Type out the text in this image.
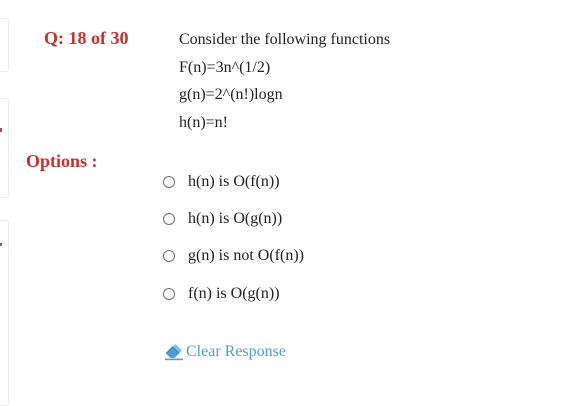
Q: 18 of 30	Consider the following functions
F(n)=3n^(1/2)
g(n)=2^(n!)logn
h(n)=n!
Options :
h(n) is O(f(n))
h(n) is O(g(n))
g(n) is not O(f(n))
f(n) is O(g(n))
Clear Response
